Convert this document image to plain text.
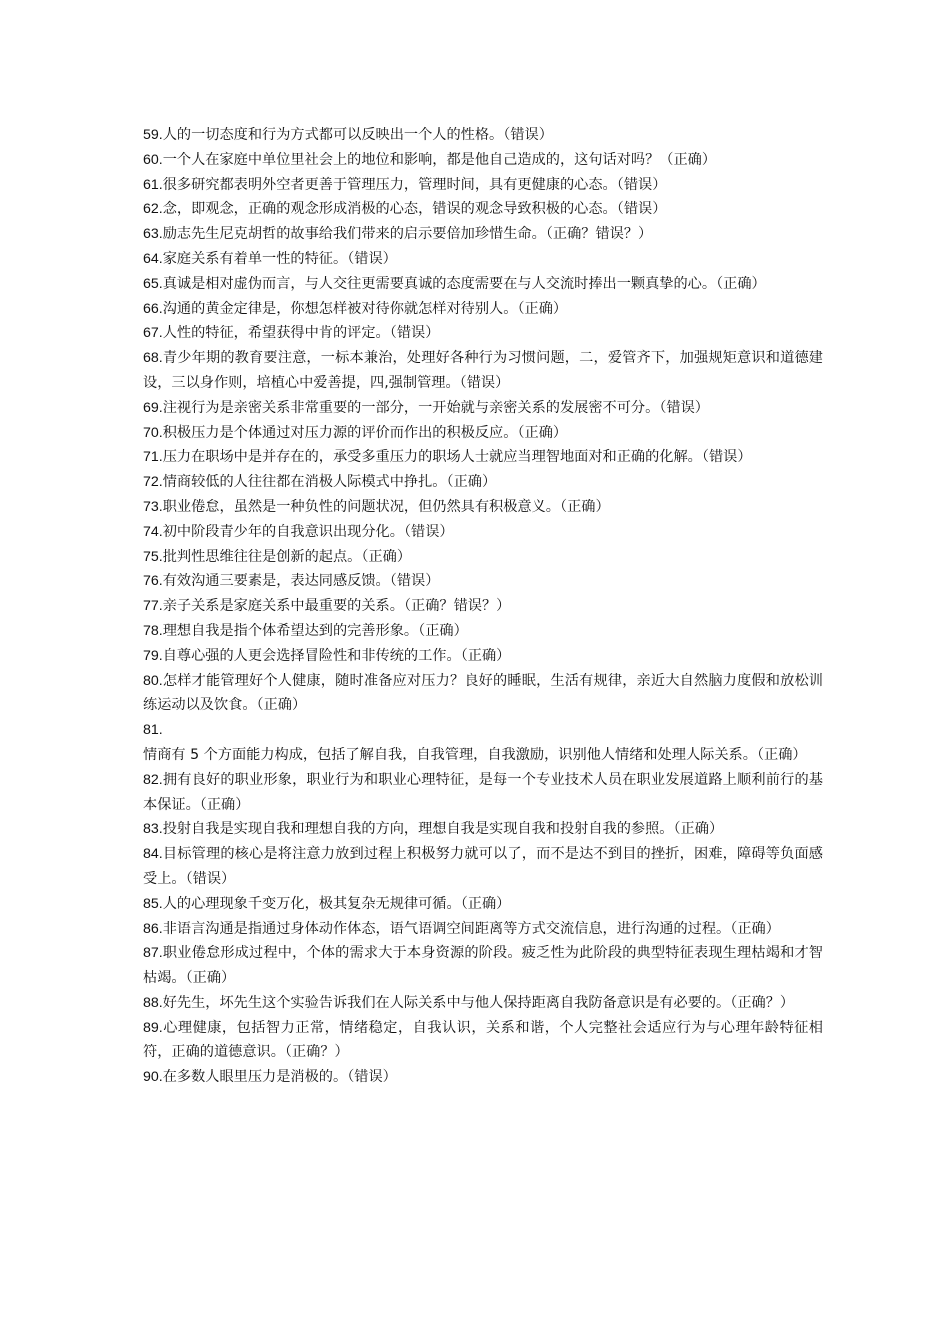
59.人的一切态度和行为方式都可以反映出一个人的性格。（错误）

60.一个人在家庭中单位里社会上的地位和影响，都是他自己造成的，这句话对吗？（正确）

61.很多研究都表明外空者更善于管理压力，管理时间，具有更健康的心态。（错误）

62.念，即观念，正确的观念形成消极的心态，错误的观念导致积极的心态。（错误）

63.励志先生尼克胡哲的故事给我们带来的启示要倍加珍惜生命。（正确？错误？）

64.家庭关系有着单一性的特征。（错误）

65.真诚是相对虚伪而言，与人交往更需要真诚的态度需要在与人交流时捧出一颗真挚的心。（正确）

66.沟通的黄金定律是，你想怎样被对待你就怎样对待别人。（正确）

67.人性的特征，希望获得中肯的评定。（错误）

68.青少年期的教育要注意，一标本兼治，处理好各种行为习惯问题，二，爱管齐下，加强规矩意识和道德建设，三以身作则，培植心中爱善提，四,强制管理。（错误）

69.注视行为是亲密关系非常重要的一部分，一开始就与亲密关系的发展密不可分。（错误）

70.积极压力是个体通过对压力源的评价而作出的积极反应。（正确）

71.压力在职场中是并存在的，承受多重压力的职场人士就应当理智地面对和正确的化解。（错误）

72.情商较低的人往往都在消极人际模式中挣扎。（正确）

73.职业倦怠，虽然是一种负性的问题状况，但仍然具有积极意义。（正确）

74.初中阶段青少年的自我意识出现分化。（错误）

75.批判性思维往往是创新的起点。（正确）

76.有效沟通三要素是，表达同感反馈。（错误）

77.亲子关系是家庭关系中最重要的关系。（正确？错误？）

78.理想自我是指个体希望达到的完善形象。（正确）

79.自尊心强的人更会选择冒险性和非传统的工作。（正确）

80.怎样才能管理好个人健康，随时准备应对压力？良好的睡眠，生活有规律，亲近大自然脑力度假和放松训练运动以及饮食。（正确）

81.情商有 5 个方面能力构成，包括了解自我，自我管理，自我激励，识别他人情绪和处理人际关系。（正确）

82.拥有良好的职业形象，职业行为和职业心理特征，是每一个专业技术人员在职业发展道路上顺利前行的基本保证。（正确）

83.投射自我是实现自我和理想自我的方向，理想自我是实现自我和投射自我的参照。（正确）

84.目标管理的核心是将注意力放到过程上积极努力就可以了，而不是达不到目的挫折，困难，障碍等负面感受上。（错误）

85.人的心理现象千变万化，极其复杂无规律可循。（正确）

86.非语言沟通是指通过身体动作体态，语气语调空间距离等方式交流信息，进行沟通的过程。（正确）

87.职业倦怠形成过程中，个体的需求大于本身资源的阶段。疲乏性为此阶段的典型特征表现生理枯竭和才智枯竭。（正确）

88.好先生，坏先生这个实验告诉我们在人际关系中与他人保持距离自我防备意识是有必要的。（正确？）

89.心理健康，包括智力正常，情绪稳定，自我认识，关系和谐，个人完整社会适应行为与心理年龄特征相符，正确的道德意识。（正确？）

90.在多数人眼里压力是消极的。（错误）
